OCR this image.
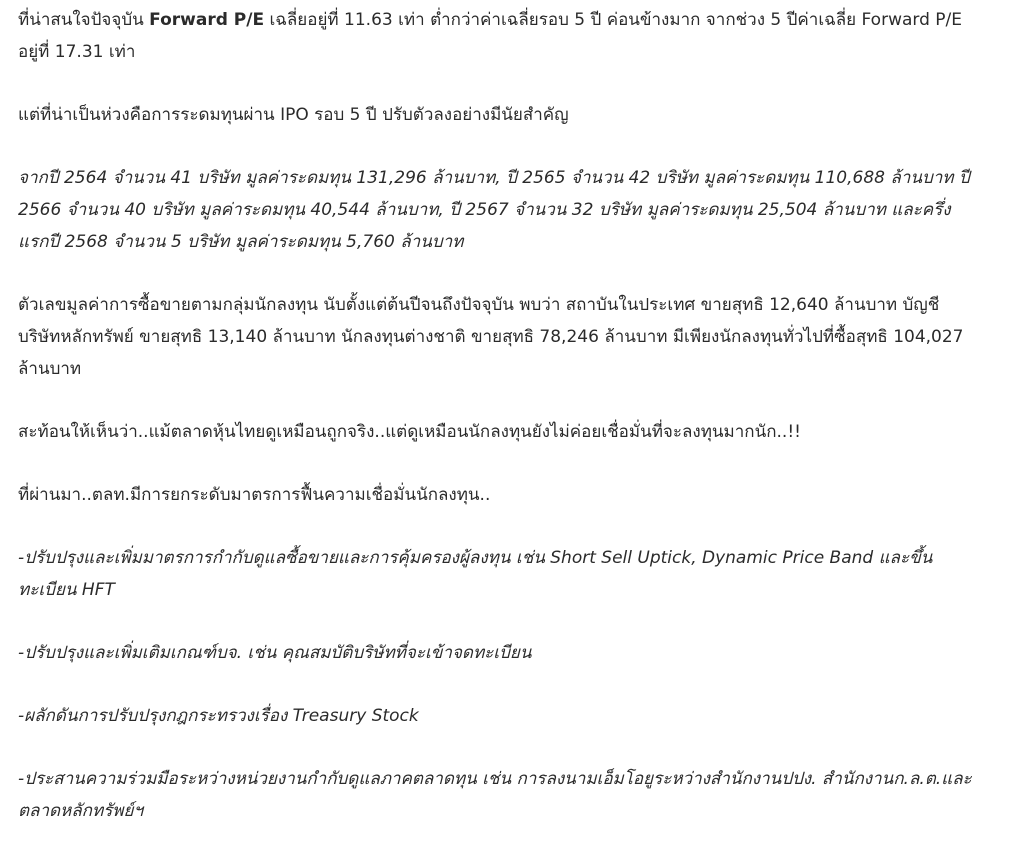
ที่น่าสนใจปัจจุบัน Forward P/E เฉลี่ยอยู่ที่ 11.63 เท่า ต่ำกว่าค่าเฉลี่ยรอบ 5 ปี ค่อนข้างมาก จากช่วง 5 ปีค่าเฉลี่ย Forward P/E อยู่ที่ 17.31 เท่า

แต่ที่น่าเป็นห่วงคือการระดมทุนผ่าน IPO รอบ 5 ปี ปรับตัวลงอย่างมีนัยสำคัญ

จากปี 2564 จำนวน 41 บริษัท มูลค่าระดมทุน 131,296 ล้านบาท, ปี 2565 จำนวน 42 บริษัท มูลค่าระดมทุน 110,688 ล้านบาท ปี 2566 จำนวน 40 บริษัท มูลค่าระดมทุน 40,544 ล้านบาท, ปี 2567 จำนวน 32 บริษัท มูลค่าระดมทุน 25,504 ล้านบาท และครึ่งแรกปี 2568 จำนวน 5 บริษัท มูลค่าระดมทุน 5,760 ล้านบาท

ตัวเลขมูลค่าการซื้อขายตามกลุ่มนักลงทุน นับตั้งแต่ต้นปีจนถึงปัจจุบัน พบว่า สถาบันในประเทศ ขายสุทธิ 12,640 ล้านบาท บัญชีบริษัทหลักทรัพย์ ขายสุทธิ 13,140 ล้านบาท นักลงทุนต่างชาติ ขายสุทธิ 78,246 ล้านบาท มีเพียงนักลงทุนทั่วไปที่ซื้อสุทธิ 104,027 ล้านบาท

สะท้อนให้เห็นว่า..แม้ตลาดหุ้นไทยดูเหมือนถูกจริง..แต่ดูเหมือนนักลงทุนยังไม่ค่อยเชื่อมั่นที่จะลงทุนมากนัก..!!

ที่ผ่านมา..ตลท.มีการยกระดับมาตรการฟื้นความเชื่อมั่นนักลงทุน..

-ปรับปรุงและเพิ่มมาตรการกำกับดูแลซื้อขายและการคุ้มครองผู้ลงทุน เช่น Short Sell Uptick, Dynamic Price Band และขึ้นทะเบียน HFT

-ปรับปรุงและเพิ่มเติมเกณฑ์บจ. เช่น คุณสมบัติบริษัทที่จะเข้าจดทะเบียน

-ผลักดันการปรับปรุงกฎกระทรวงเรื่อง Treasury Stock

-ประสานความร่วมมือระหว่างหน่วยงานกำกับดูแลภาคตลาดทุน เช่น การลงนามเอ็มโอยูระหว่างสำนักงานปปง. สำนักงานก.ล.ต.และตลาดหลักทรัพย์ฯ
